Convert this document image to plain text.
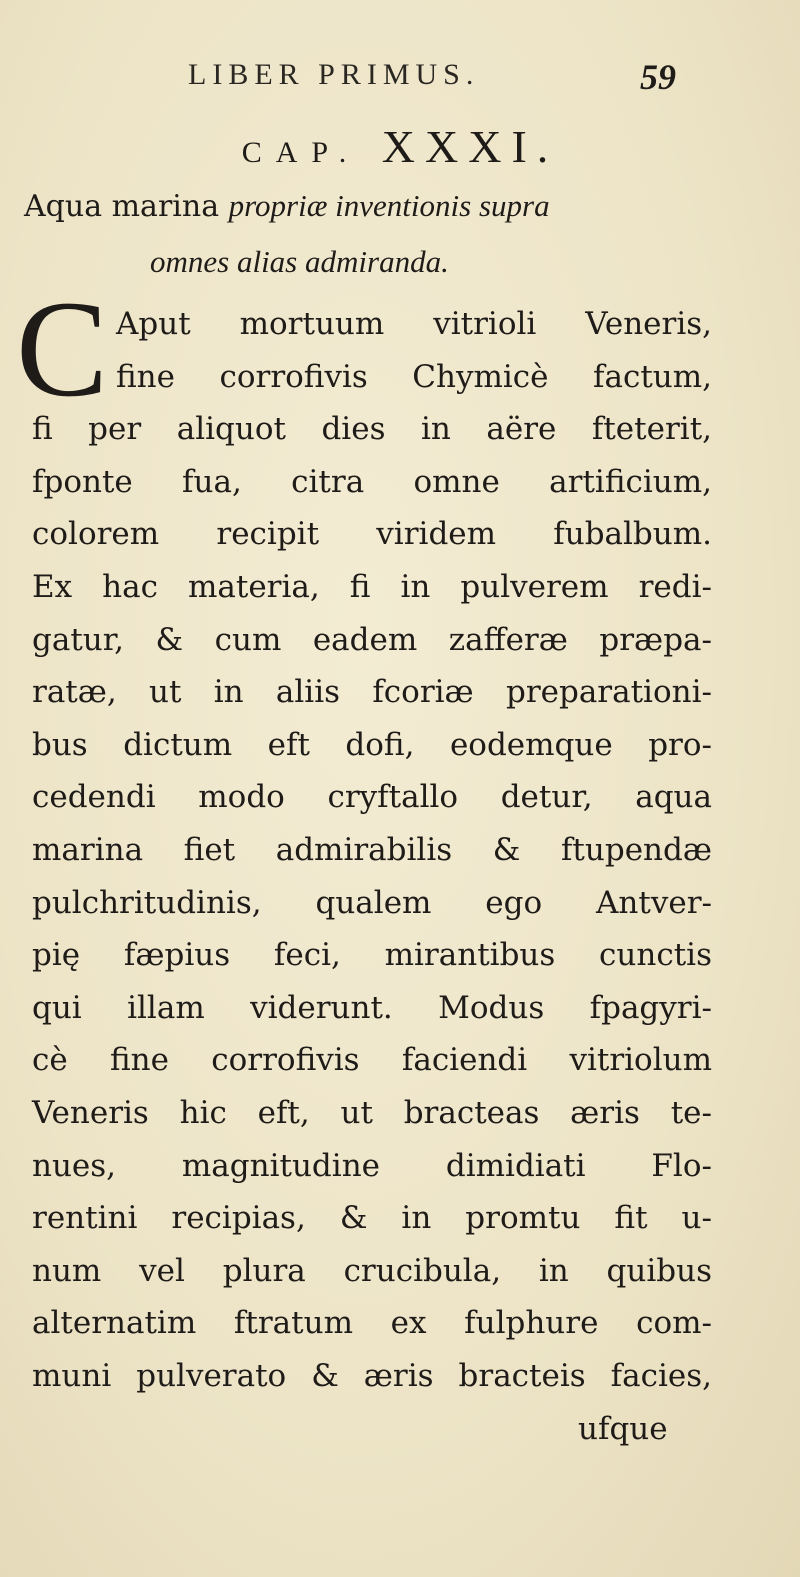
LIBER PRIMUS.	59
CAP. XXXI.
Aqua marina propriæ inventionis supra
omnes alias admiranda.
C Aput mortuum vitrioli Veneris,
fine corrofivis Chymicè factum,
fi per aliquot dies in aëre fteterit,
fponte fua, citra omne artificium,
colorem recipit viridem fubalbum.
Ex hac materia, fi in pulverem redi-
gatur, & cum eadem zafferæ præpa-
ratæ, ut in aliis fcoriæ preparationi-
bus dictum eft dofi, eodemque pro-
cedendi modo cryftallo detur, aqua
marina fiet admirabilis & ftupendæ
pulchritudinis, qualem ego Antver-
pię fæpius feci, mirantibus cunctis
qui illam viderunt. Modus fpagyri-
cè fine corrofivis faciendi vitriolum
Veneris hic eft, ut bracteas æris te-
nues, magnitudine dimidiati Flo-
rentini recipias, & in promtu fit u-
num vel plura crucibula, in quibus
alternatim ftratum ex fulphure com-
muni pulverato & æris bracteis facies,
ufque
